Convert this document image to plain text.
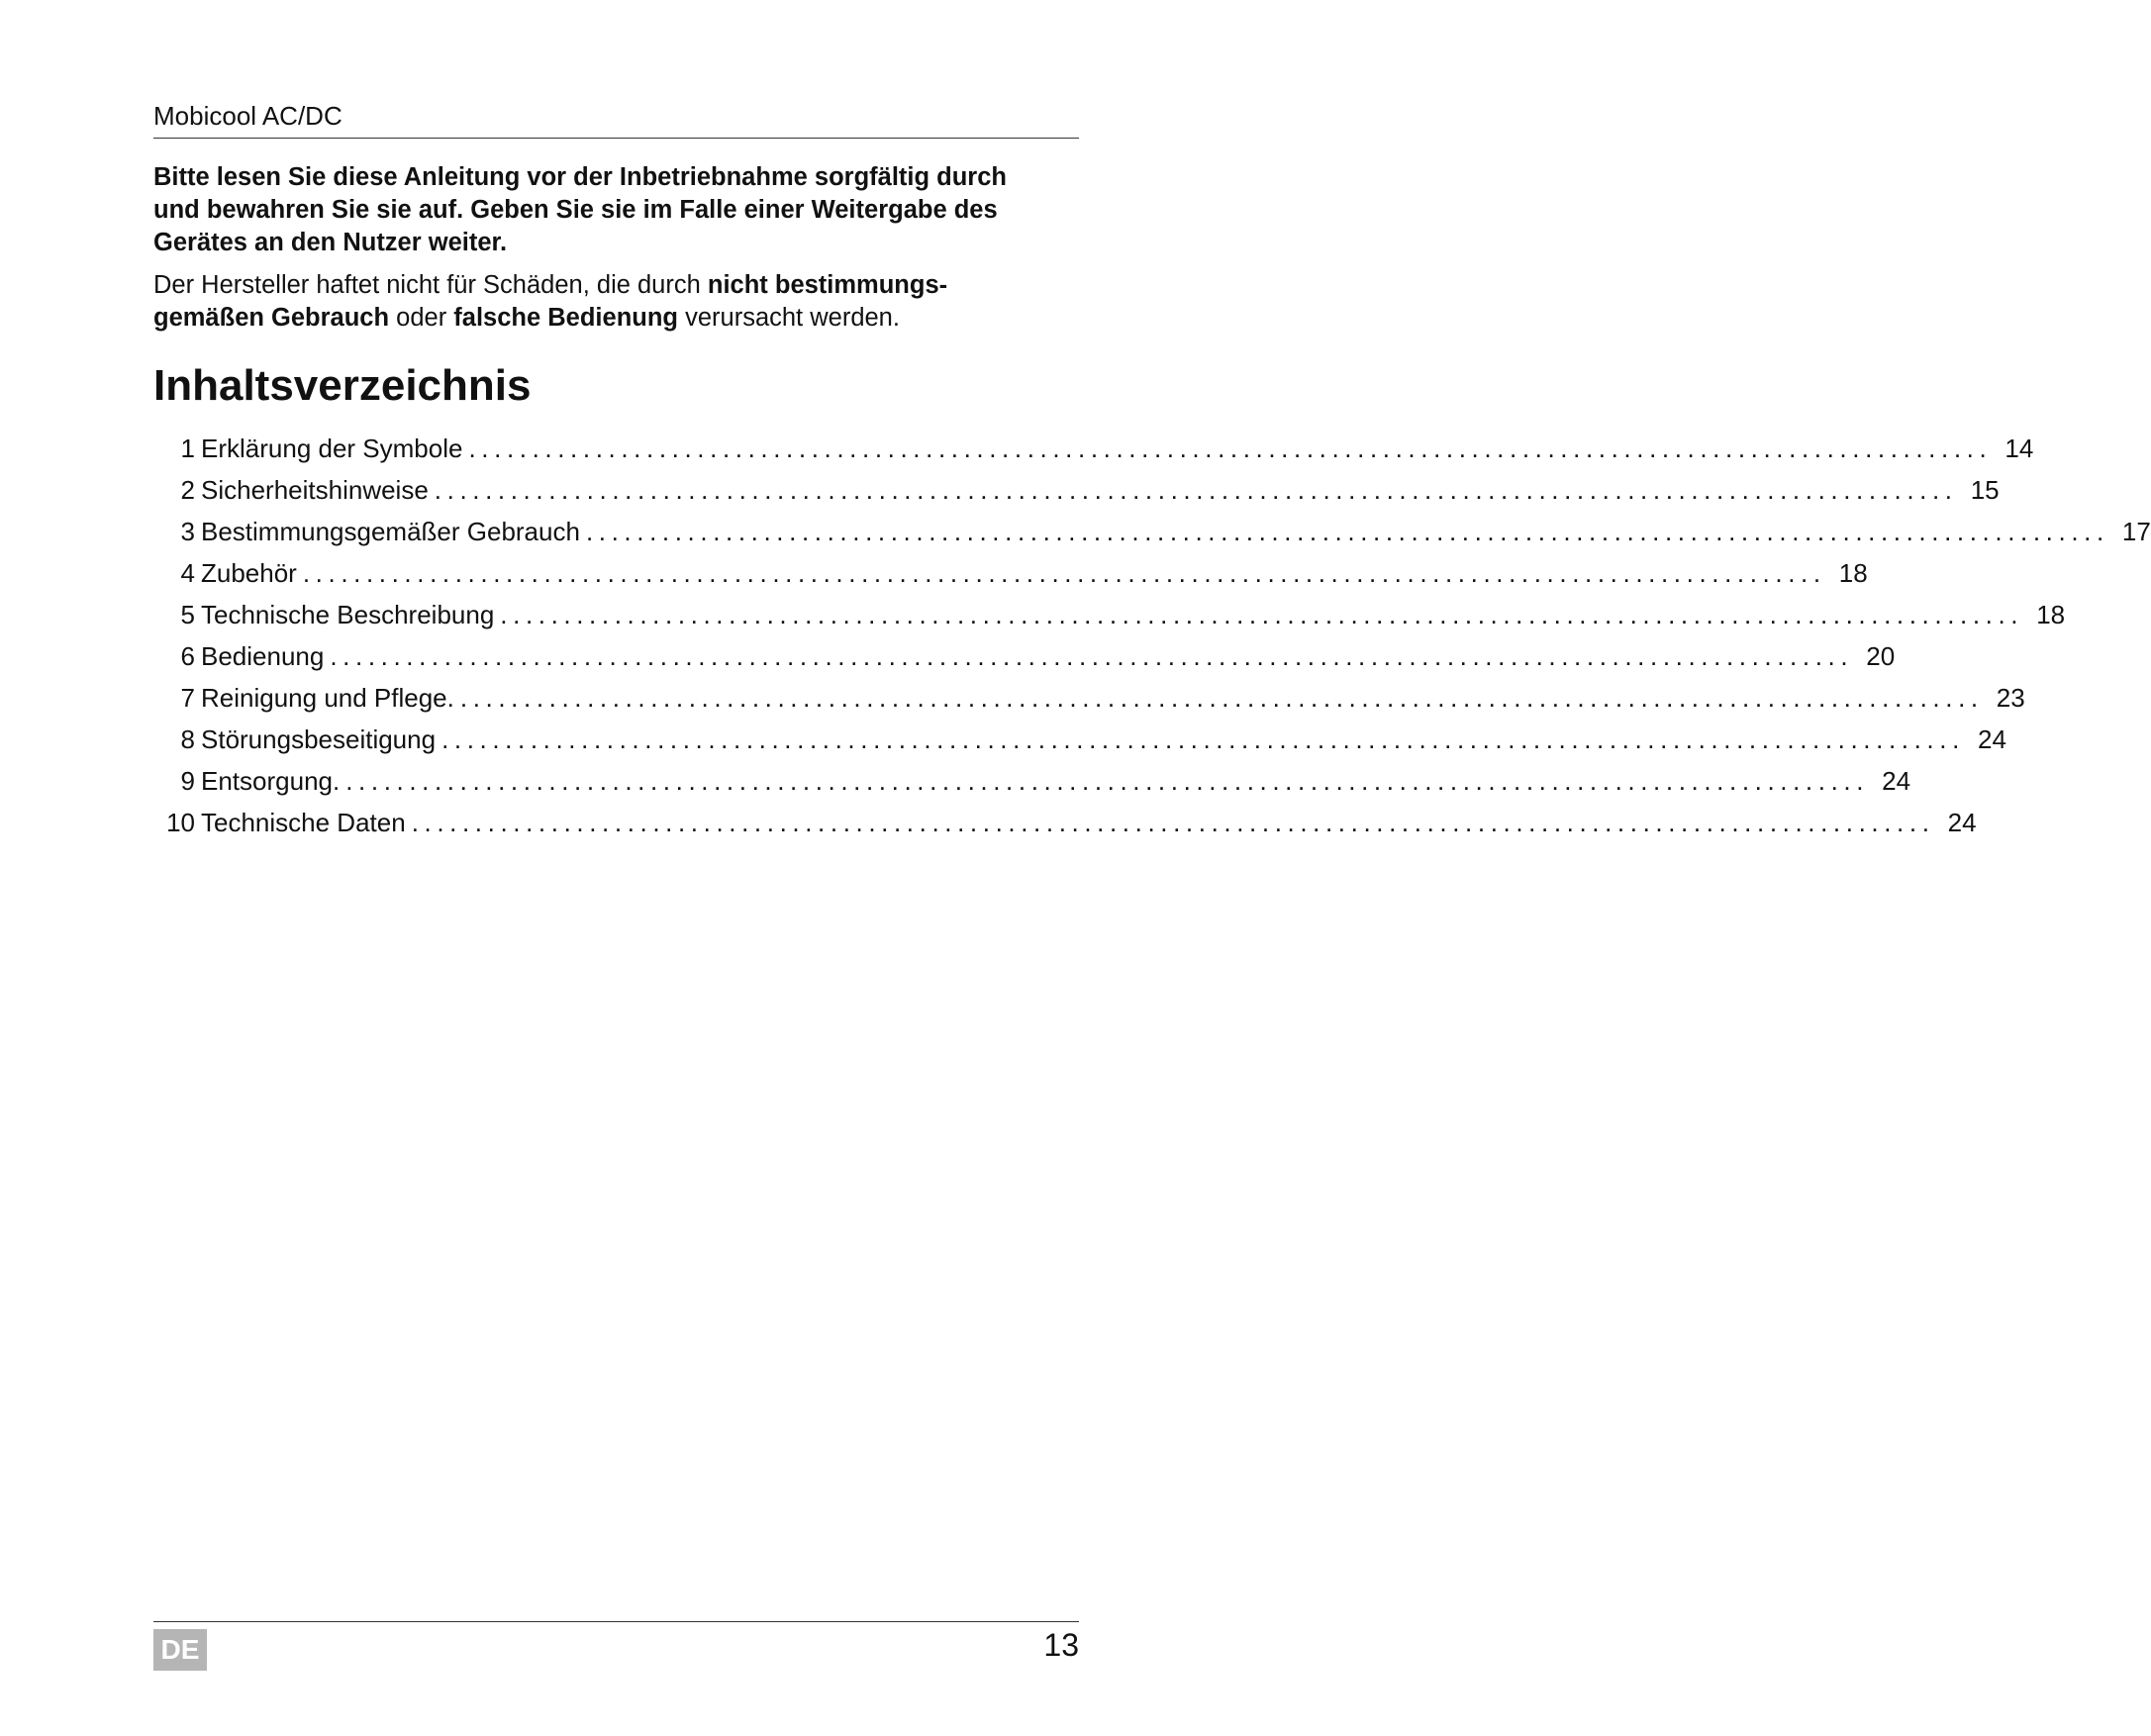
Mobicool AC/DC
Bitte lesen Sie diese Anleitung vor der Inbetriebnahme sorgfältig durch
und bewahren Sie sie auf. Geben Sie sie im Falle einer Weitergabe des
Gerätes an den Nutzer weiter.
Der Hersteller haftet nicht für Schäden, die durch nicht bestimmungs-
gemäßen Gebrauch oder falsche Bedienung verursacht werden.
Inhaltsverzeichnis
1 Erklärung der Symbole ........................................................................................................................ 14
2 Sicherheitshinweise ........................................................................................................................ 15
3 Bestimmungsgemäßer Gebrauch ........................................................................................................................ 17
4 Zubehör ........................................................................................................................ 18
5 Technische Beschreibung ........................................................................................................................ 18
6 Bedienung ........................................................................................................................ 20
7 Reinigung und Pflege. ........................................................................................................................ 23
8 Störungsbeseitigung ........................................................................................................................ 24
9 Entsorgung. ........................................................................................................................ 24
10 Technische Daten ........................................................................................................................ 24
DE	13
